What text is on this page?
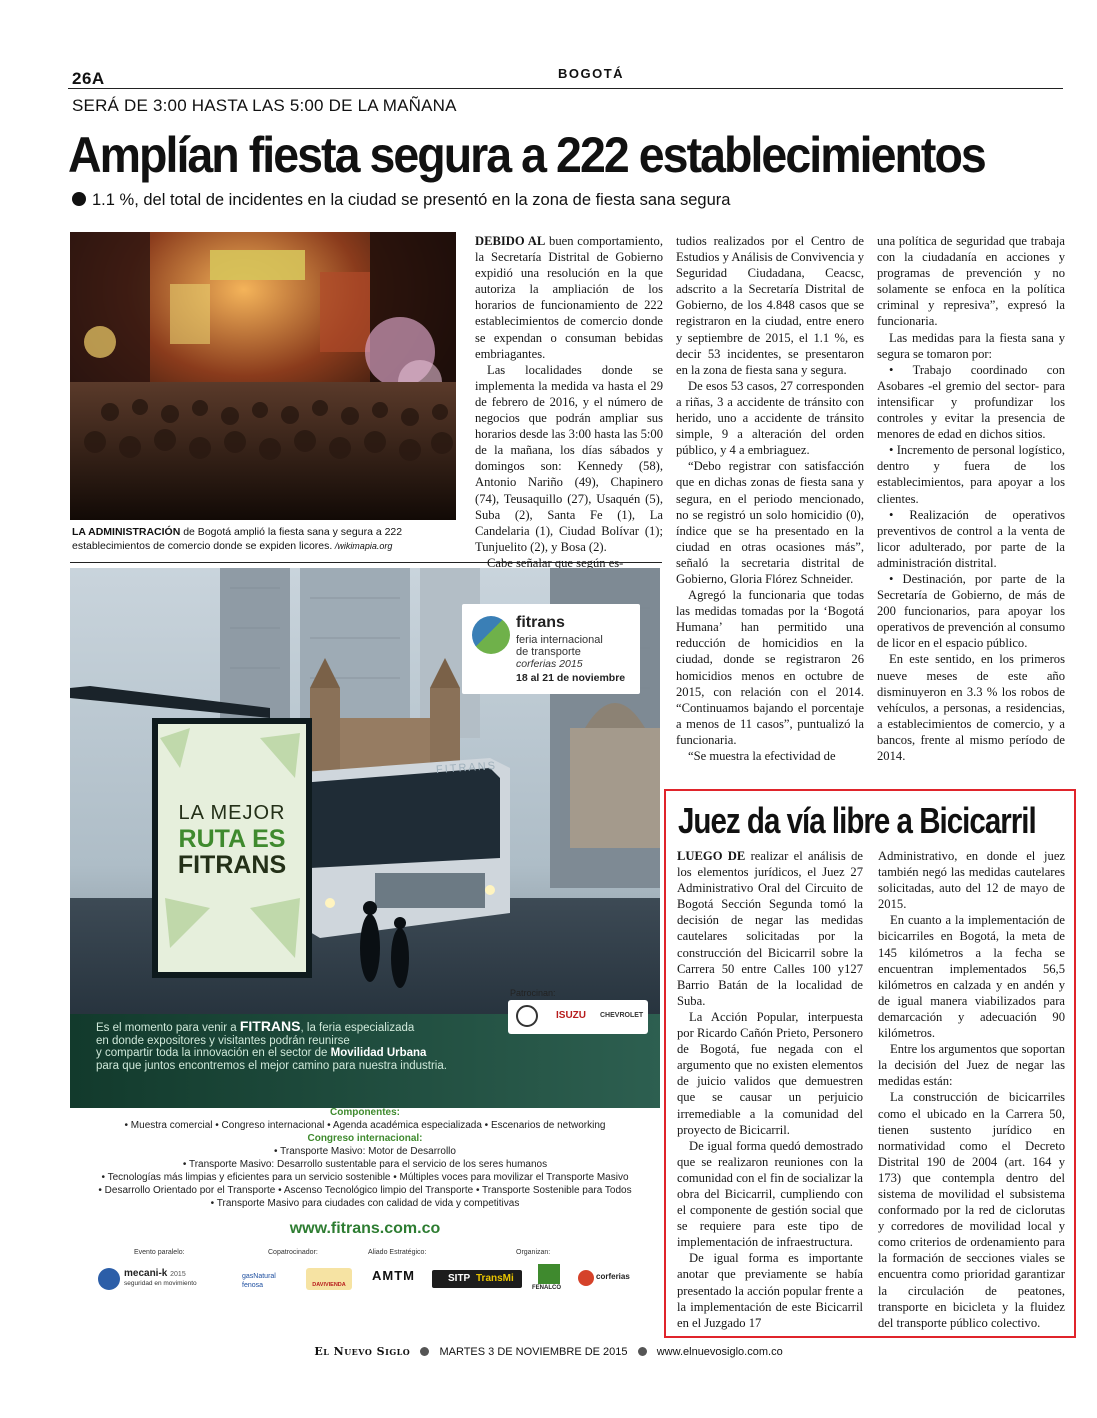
26A	BOGOTÁ
SERÁ DE 3:00 HASTA LAS 5:00 DE LA MAÑANA
Amplían fiesta segura a 222 establecimientos
1.1 %, del total de incidentes en la ciudad se presentó en la zona de fiesta sana segura
LA ADMINISTRACIÓN de Bogotá amplió la fiesta sana y segura a 222 establecimientos de comercio donde se expiden licores. /wikimapia.org

DEBIDO AL buen comportamiento, la Secretaría Distrital de Gobierno expidió una resolución en la que autoriza la ampliación de los horarios de funcionamiento de 222 establecimientos de comercio donde se expendan o consuman bebidas embriagantes.

Las localidades donde se implementa la medida va hasta el 29 de febrero de 2016, y el número de negocios que podrán ampliar sus horarios desde las 3:00 hasta las 5:00 de la mañana, los días sábados y domingos son: Kennedy (58), Antonio Nariño (49), Chapinero (74), Teusaquillo (27), Usaquén (5), Suba (2), Santa Fe (1), La Candelaria (1), Ciudad Bolívar (1); Tunjuelito (2), y Bosa (2).

tudios realizados por el Centro de Estudios y Análisis de Convivencia y Seguridad Ciudadana, Ceacsc, adscrito a la Secretaría Distrital de Gobierno, de los 4.848 casos que se registraron en la ciudad, entre enero y septiembre de 2015, el 1.1 %, es decir 53 incidentes, se presentaron en la zona de fiesta sana y segura.

De esos 53 casos, 27 corresponden a riñas, 3 a accidente de tránsito con herido, uno a accidente de tránsito simple, 9 a alteración del orden público, y 4 a embriaguez.

“Debo registrar con satisfacción que en dichas zonas de fiesta sana y segura, en el periodo mencionado, no se registró un solo homicidio (0), índice que se ha presentado en la ciudad en otras ocasiones más”, señaló la secretaria distrital de Gobierno, Gloria Flórez Schneider.

Agregó la funcionaria que todas las medidas tomadas por la ‘Bogotá Humana’ han permitido una reducción de homicidios en la ciudad, donde se registraron 26 homicidios menos en octubre de 2015, con relación con el 2014. “Continuamos bajando el porcentaje a menos de 11 casos”, puntualizó la funcionaria.

“Se muestra la efectividad de

una política de seguridad que trabaja con la ciudadanía en acciones y programas de prevención y no solamente se enfoca en la política criminal y represiva”, expresó la funcionaria.

Las medidas para la fiesta sana y segura se tomaron por:

• Trabajo coordinado con Asobares -el gremio del sector- para intensificar y profundizar los controles y evitar la presencia de menores de edad en dichos sitios.

• Incremento de personal logístico, dentro y fuera de los establecimientos, para apoyar a los clientes.

• Realización de operativos preventivos de control a la venta de licor adulterado, por parte de la administración distrital.

• Destinación, por parte de la Secretaría de Gobierno, de más de 200 funcionarios, para apoyar los operativos de prevención al consumo de licor en el espacio público.

En este sentido, en los primeros nueve meses de este año disminuyeron en 3.3 % los robos de vehículos, a personas, a residencias, a establecimientos de comercio, y a bancos, frente al mismo período de 2014.

fitrans
feria internacional
de transporte
corferias 2015
18 al 21 de noviembre
FITRANS
LA MEJOR
RUTA ES
FITRANS
Patrocinan:
ISUZU CHEVROLET
Es el momento para venir a FITRANS, la feria especializada
en donde expositores y visitantes podrán reunirse
y compartir toda la innovación en el sector de Movilidad Urbana
para que juntos encontremos el mejor camino para nuestra industria.
Componentes:
• Muestra comercial • Congreso internacional • Agenda académica especializada • Escenarios de networking
Congreso internacional:
• Transporte Masivo: Motor de Desarrollo
• Transporte Masivo: Desarrollo sustentable para el servicio de los seres humanos
• Tecnologías más limpias y eficientes para un servicio sostenible • Múltiples voces para movilizar el Transporte Masivo
• Desarrollo Orientado por el Transporte • Ascenso Tecnológico limpio del Transporte • Transporte Sostenible para Todos
• Transporte Masivo para ciudades con calidad de vida y competitivas
www.fitrans.com.co
Evento paralelo:	Copatrocinador:	Aliado Estratégico:	Organizan:
mecani-k 2015
seguridad en movimiento
gasNatural fenosa	DAVIVIENDA
AMTM	SITP TransMi
FENALCO
corferias
Juez da vía libre a Bicicarril

LUEGO DE realizar el análisis de los elementos jurídicos, el Juez 27 Administrativo Oral del Circuito de Bogotá Sección Segunda tomó la decisión de negar las medidas cautelares solicitadas por la construcción del Bicicarril sobre la Carrera 50 entre Calles 100 y127 Barrio Batán de la localidad de Suba.

La Acción Popular, interpuesta por Ricardo Cañón Prieto, Personero de Bogotá, fue negada con el argumento que no existen elementos de juicio validos que demuestren que se causar un perjuicio irremediable a la comunidad del proyecto de Bicicarril.

De igual forma quedó demostrado que se realizaron reuniones con la comunidad con el fin de socializar la obra del Bicicarril, cumpliendo con el componente de gestión social que se requiere para este tipo de implementación de infraestructura.

De igual forma es importante anotar que previamente se había presentado la acción popular frente a la implementación de este Bicicarril en el Juzgado 17

Administrativo, en donde el juez también negó las medidas cautelares solicitadas, auto del 12 de mayo de 2015.

En cuanto a la implementación de bicicarriles en Bogotá, la meta de 145 kilómetros a la fecha se encuentran implementados 56,5 kilómetros en calzada y en andén y de igual manera viabilizados para demarcación y adecuación 90 kilómetros.

Entre los argumentos que soportan la decisión del Juez de negar las medidas están:

La construcción de bicicarriles como el ubicado en la Carrera 50, tienen sustento jurídico en normatividad como el Decreto Distrital 190 de 2004 (art. 164 y 173) que contempla dentro del sistema de movilidad el subsistema conformado por la red de ciclorutas y corredores de movilidad local y como criterios de ordenamiento para la formación de secciones viales se encuentra como prioridad garantizar la circulación de peatones, transporte en bicicleta y la fluidez del transporte público colectivo.

El Nuevo Siglo	MARTES 3 DE NOVIEMBRE DE 2015	www.elnuevosiglo.com.co
